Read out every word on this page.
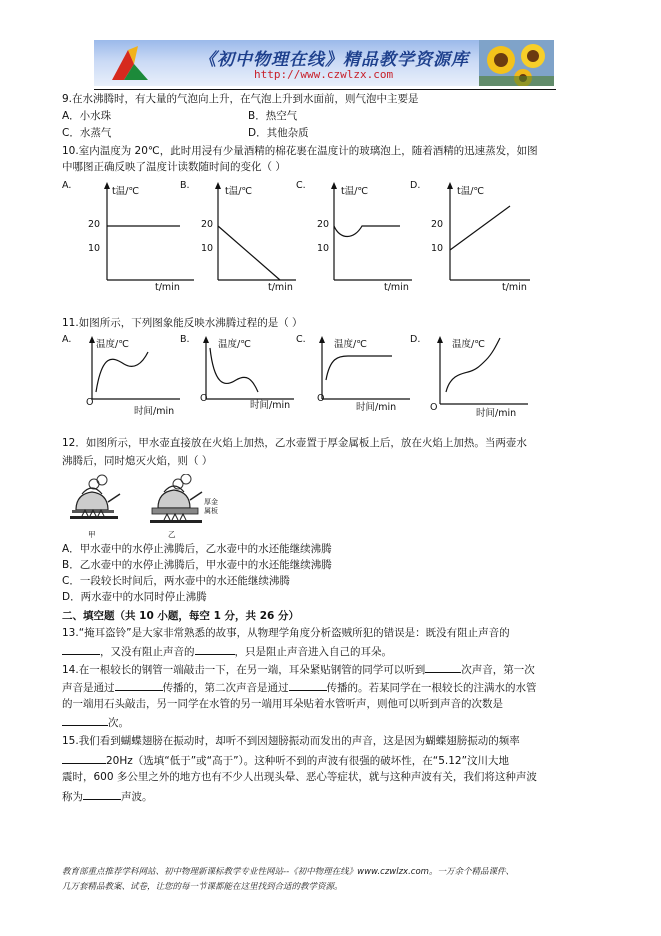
《初中物理在线》精品教学资源库
http://www.czwlzx.com
9.在水沸腾时，有大量的气泡向上升，在气泡上升到水面前，则气泡中主要是
A．小水珠	B．热空气
C．水蒸气	D．其他杂质
10.室内温度为 20℃，此时用浸有少量酒精的棉花裹在温度计的玻璃泡上，随着酒精的迅速蒸发，如图
中哪图正确反映了温度计读数随时间的变化（ ）
A.
t温/℃
20
10
t/min
B.
t温/℃
20
10
t/min
C.
t温/℃
20
10
t/min
D.
t温/℃
20
10
t/min
11.如图所示，下列图象能反映水沸腾过程的是（ ）
A.	温度/℃
O
时间/min
B.	温度/℃
O
时间/min
C.	温度/℃
O
时间/min
D.	温度/℃
O
时间/min
12．如图所示，甲水壶直接放在火焰上加热，乙水壶置于厚金属板上后，放在火焰上加热。当两壶水
沸腾后，同时熄灭火焰，则（ ）
甲	乙
厚金属板
A．甲水壶中的水停止沸腾后，乙水壶中的水还能继续沸腾
B．乙水壶中的水停止沸腾后，甲水壶中的水还能继续沸腾
C．一段较长时间后，两水壶中的水还能继续沸腾
D．两水壶中的水同时停止沸腾
二、填空题（共 10 小题，每空 1 分，共 26 分）
13.“掩耳盗铃”是大家非常熟悉的故事，从物理学角度分析盗贼所犯的错误是：既没有阻止声音的
，又没有阻止声音的	，只是阻止声音进入自己的耳朵。
14.在一根较长的钢管一端敲击一下，在另一端，耳朵紧贴钢管的同学可以听到	次声音，第一次
声音是通过	传播的，第二次声音是通过	传播的。若某同学在一根较长的注满水的水管
的一端用石头敲击，另一同学在水管的另一端用耳朵贴着水管听声，则他可以听到声音的次数是
次。
15.我们看到蝴蝶翅膀在振动时，却听不到因翅膀振动而发出的声音，这是因为蝴蝶翅膀振动的频率
20Hz（选填“低于”或“高于”）。这种听不到的声波有很强的破坏性，在“5.12”汶川大地
震时，600 多公里之外的地方也有不少人出现头晕、恶心等症状，就与这种声波有关，我们将这种声波
称为	声波。
教育部重点推荐学科网站、初中物理新课标教学专业性网站--《初中物理在线》www.czwlzx.com。一万余个精品课件、
几万套精品教案、试卷，让您的每一节课都能在这里找到合适的教学资源。
